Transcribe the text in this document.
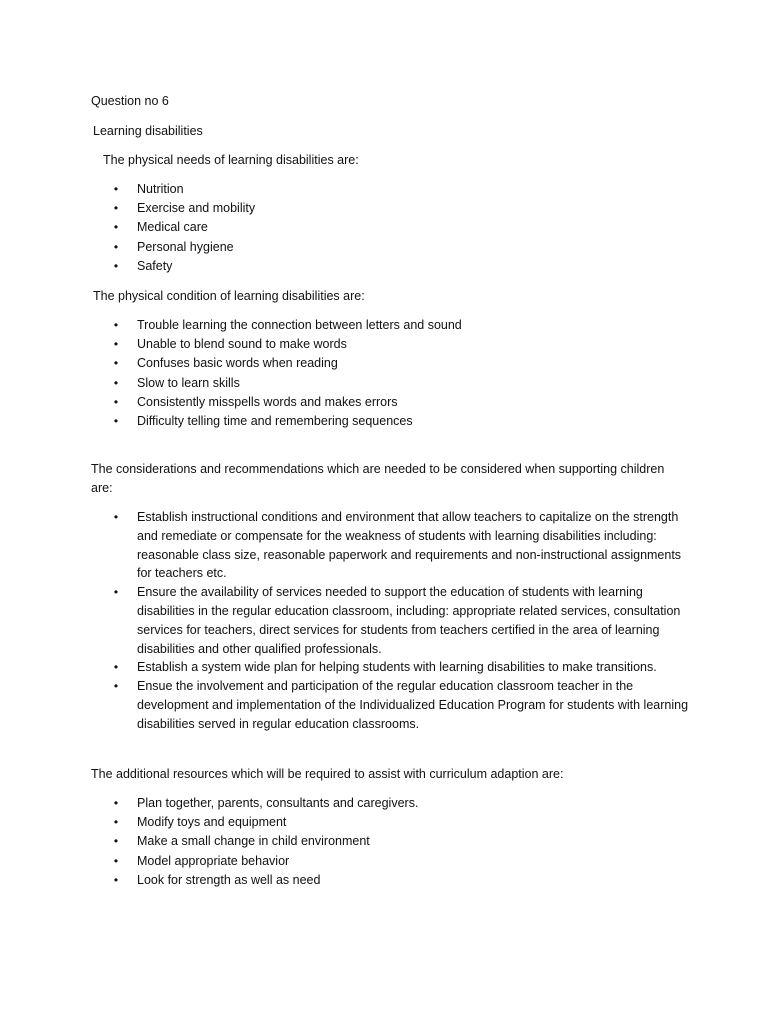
Question no 6
Learning disabilities
The physical needs of learning disabilities are:
• Nutrition
• Exercise and mobility
• Medical care
• Personal hygiene
• Safety
The physical condition of learning disabilities are:
• Trouble learning the connection between letters and sound
• Unable to blend sound to make words
• Confuses basic words when reading
• Slow to learn skills
• Consistently misspells words and makes errors
• Difficulty telling time and remembering sequences
The considerations and recommendations which are needed to be considered when supporting children
are:
• Establish instructional conditions and environment that allow teachers to capitalize on the strength and remediate or compensate for the weakness of students with learning disabilities including: reasonable class size, reasonable paperwork and requirements and non-instructional assignments for teachers etc.
• Ensure the availability of services needed to support the education of students with learning disabilities in the regular education classroom, including: appropriate related services, consultation services for teachers, direct services for students from teachers certified in the area of learning disabilities and other qualified professionals.
• Establish a system wide plan for helping students with learning disabilities to make transitions.
• Ensue the involvement and participation of the regular education classroom teacher in the development and implementation of the Individualized Education Program for students with learning disabilities served in regular education classrooms.
The additional resources which will be required to assist with curriculum adaption are:
• Plan together, parents, consultants and caregivers.
• Modify toys and equipment
• Make a small change in child environment
• Model appropriate behavior
• Look for strength as well as need
